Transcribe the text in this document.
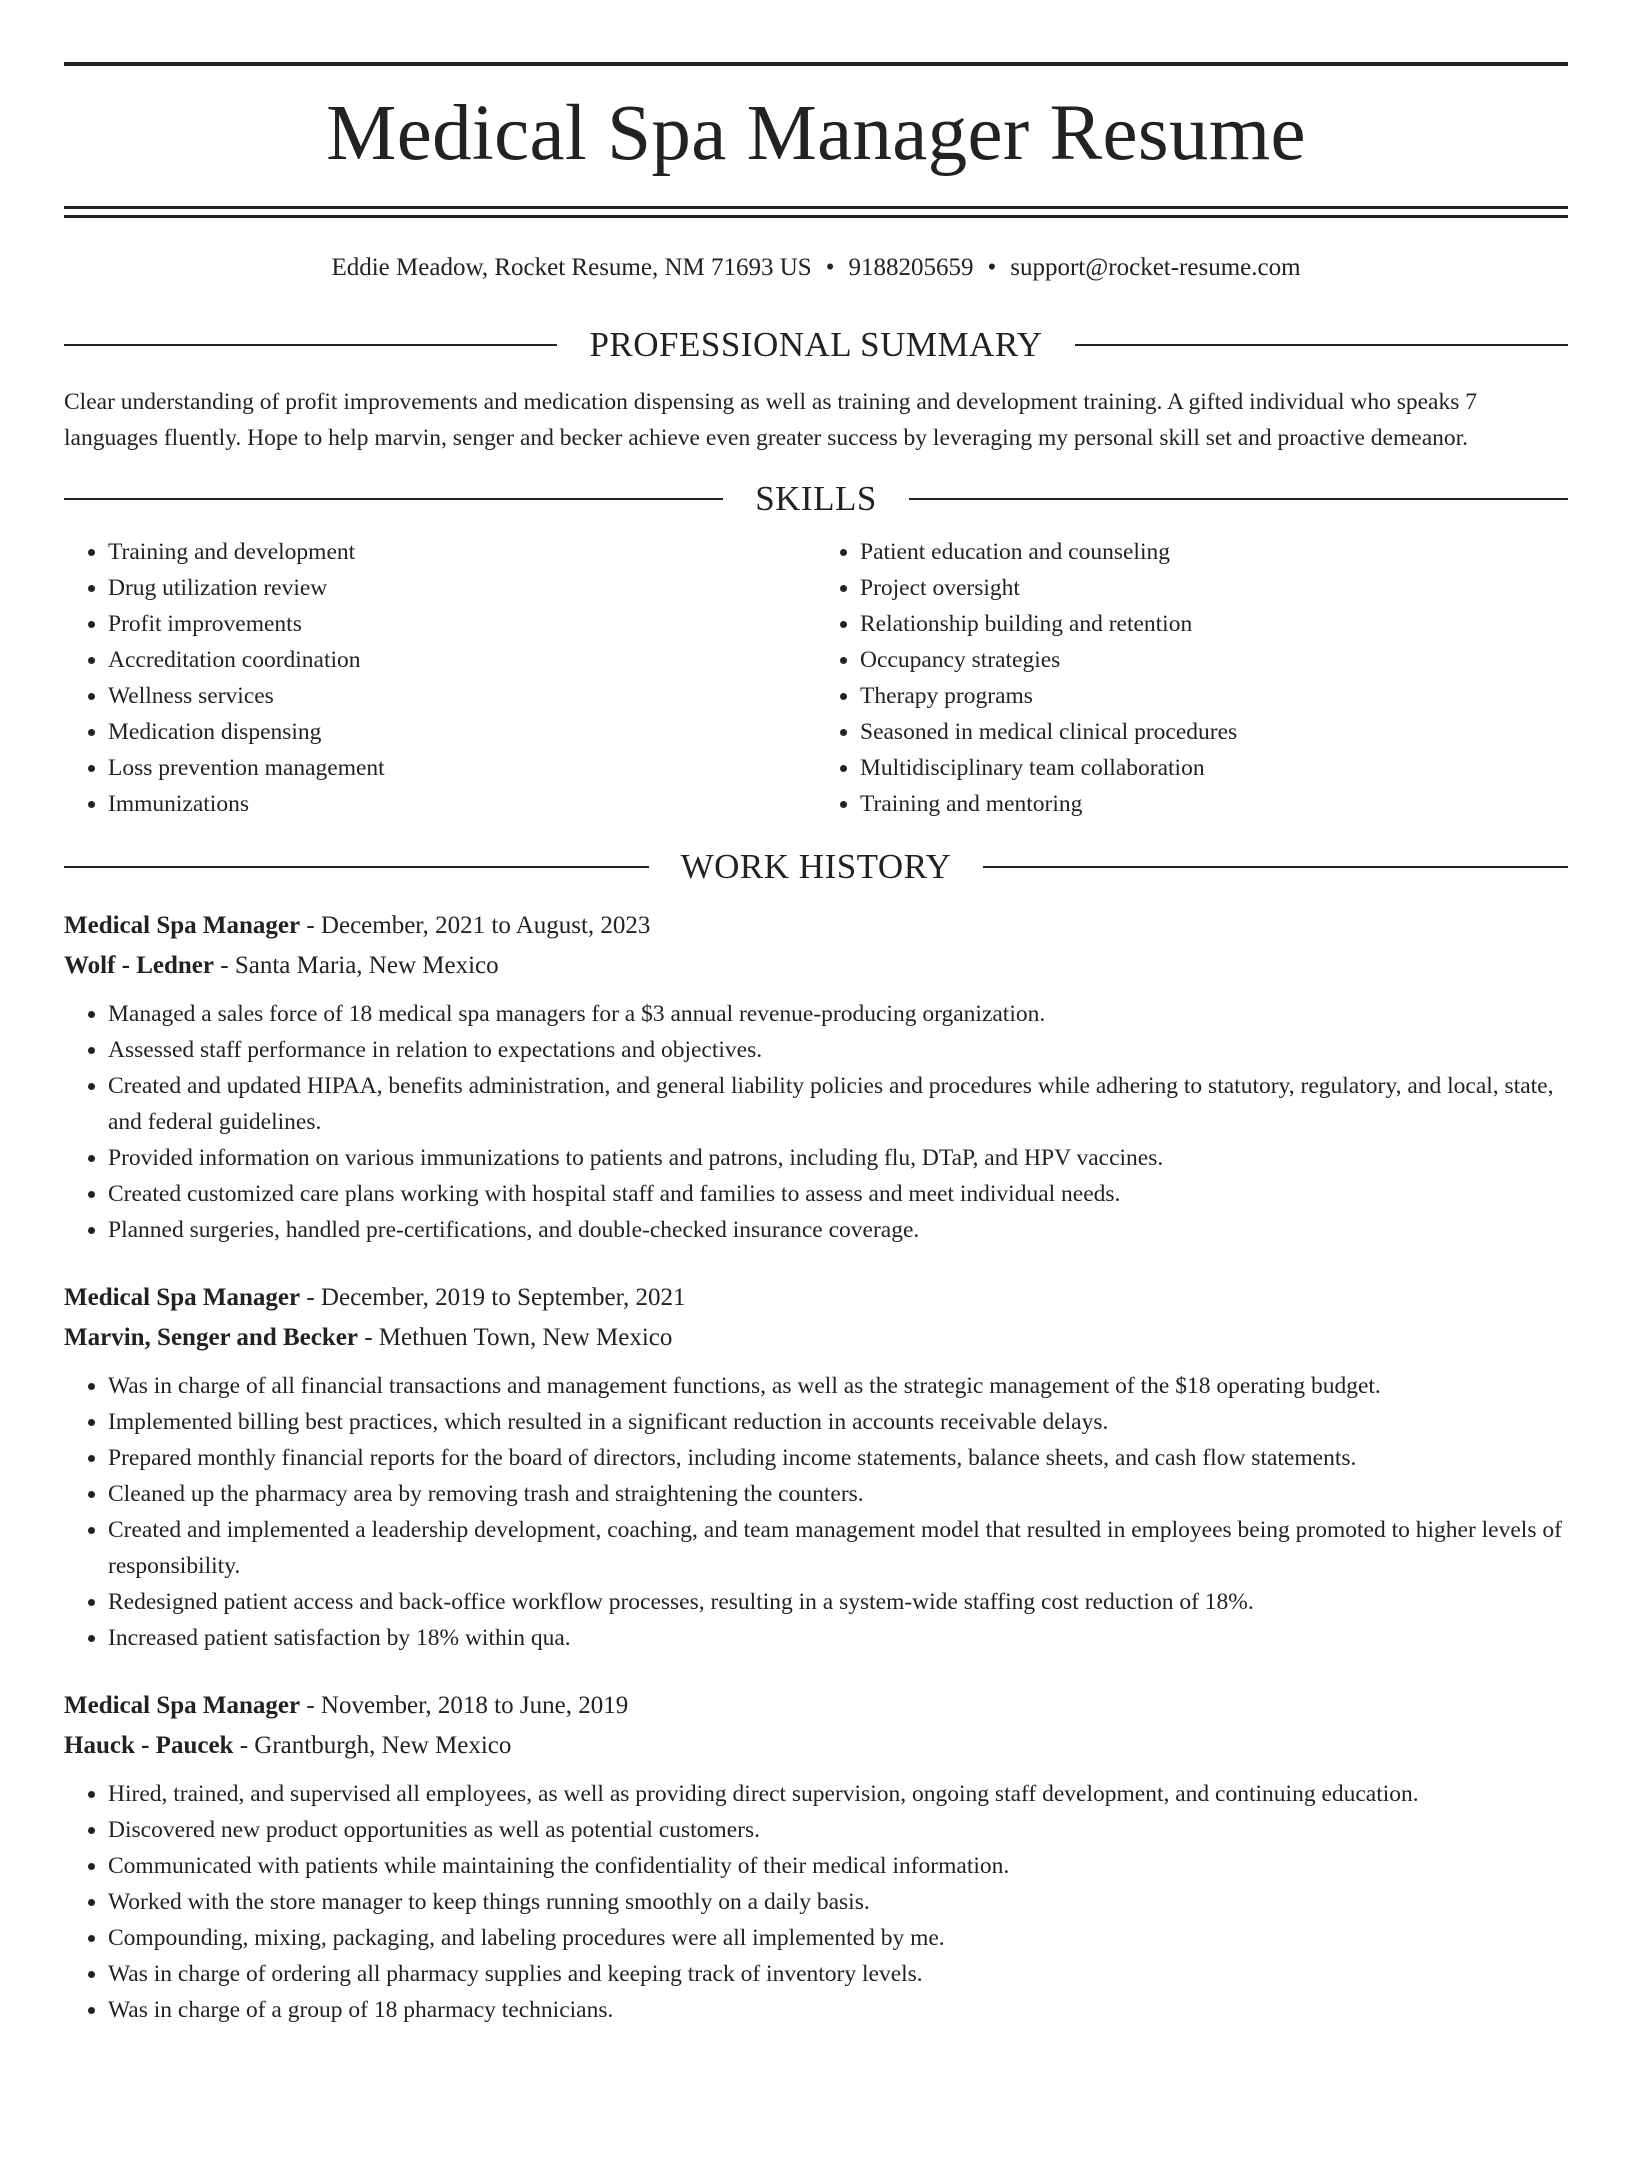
Medical Spa Manager Resume
Eddie Meadow, Rocket Resume, NM 71693 US • 9188205659 • support@rocket-resume.com
PROFESSIONAL SUMMARY

Clear understanding of profit improvements and medication dispensing as well as training and development training. A gifted individual who speaks 7 languages fluently. Hope to help marvin, senger and becker achieve even greater success by leveraging my personal skill set and proactive demeanor.

SKILLS
• Training and development
• Drug utilization review
• Profit improvements
• Accreditation coordination
• Wellness services
• Medication dispensing
• Loss prevention management
• Immunizations
• Patient education and counseling
• Project oversight
• Relationship building and retention
• Occupancy strategies
• Therapy programs
• Seasoned in medical clinical procedures
• Multidisciplinary team collaboration
• Training and mentoring
WORK HISTORY
Medical Spa Manager - December, 2021 to August, 2023
Wolf - Ledner - Santa Maria, New Mexico
• Managed a sales force of 18 medical spa managers for a $3 annual revenue-producing organization.
• Assessed staff performance in relation to expectations and objectives.
• Created and updated HIPAA, benefits administration, and general liability policies and procedures while adhering to statutory, regulatory, and local, state, and federal guidelines.
• Provided information on various immunizations to patients and patrons, including flu, DTaP, and HPV vaccines.
• Created customized care plans working with hospital staff and families to assess and meet individual needs.
• Planned surgeries, handled pre-certifications, and double-checked insurance coverage.
Medical Spa Manager - December, 2019 to September, 2021
Marvin, Senger and Becker - Methuen Town, New Mexico
• Was in charge of all financial transactions and management functions, as well as the strategic management of the $18 operating budget.
• Implemented billing best practices, which resulted in a significant reduction in accounts receivable delays.
• Prepared monthly financial reports for the board of directors, including income statements, balance sheets, and cash flow statements.
• Cleaned up the pharmacy area by removing trash and straightening the counters.
• Created and implemented a leadership development, coaching, and team management model that resulted in employees being promoted to higher levels of responsibility.
• Redesigned patient access and back-office workflow processes, resulting in a system-wide staffing cost reduction of 18%.
• Increased patient satisfaction by 18% within qua.
Medical Spa Manager - November, 2018 to June, 2019
Hauck - Paucek - Grantburgh, New Mexico
• Hired, trained, and supervised all employees, as well as providing direct supervision, ongoing staff development, and continuing education.
• Discovered new product opportunities as well as potential customers.
• Communicated with patients while maintaining the confidentiality of their medical information.
• Worked with the store manager to keep things running smoothly on a daily basis.
• Compounding, mixing, packaging, and labeling procedures were all implemented by me.
• Was in charge of ordering all pharmacy supplies and keeping track of inventory levels.
• Was in charge of a group of 18 pharmacy technicians.
